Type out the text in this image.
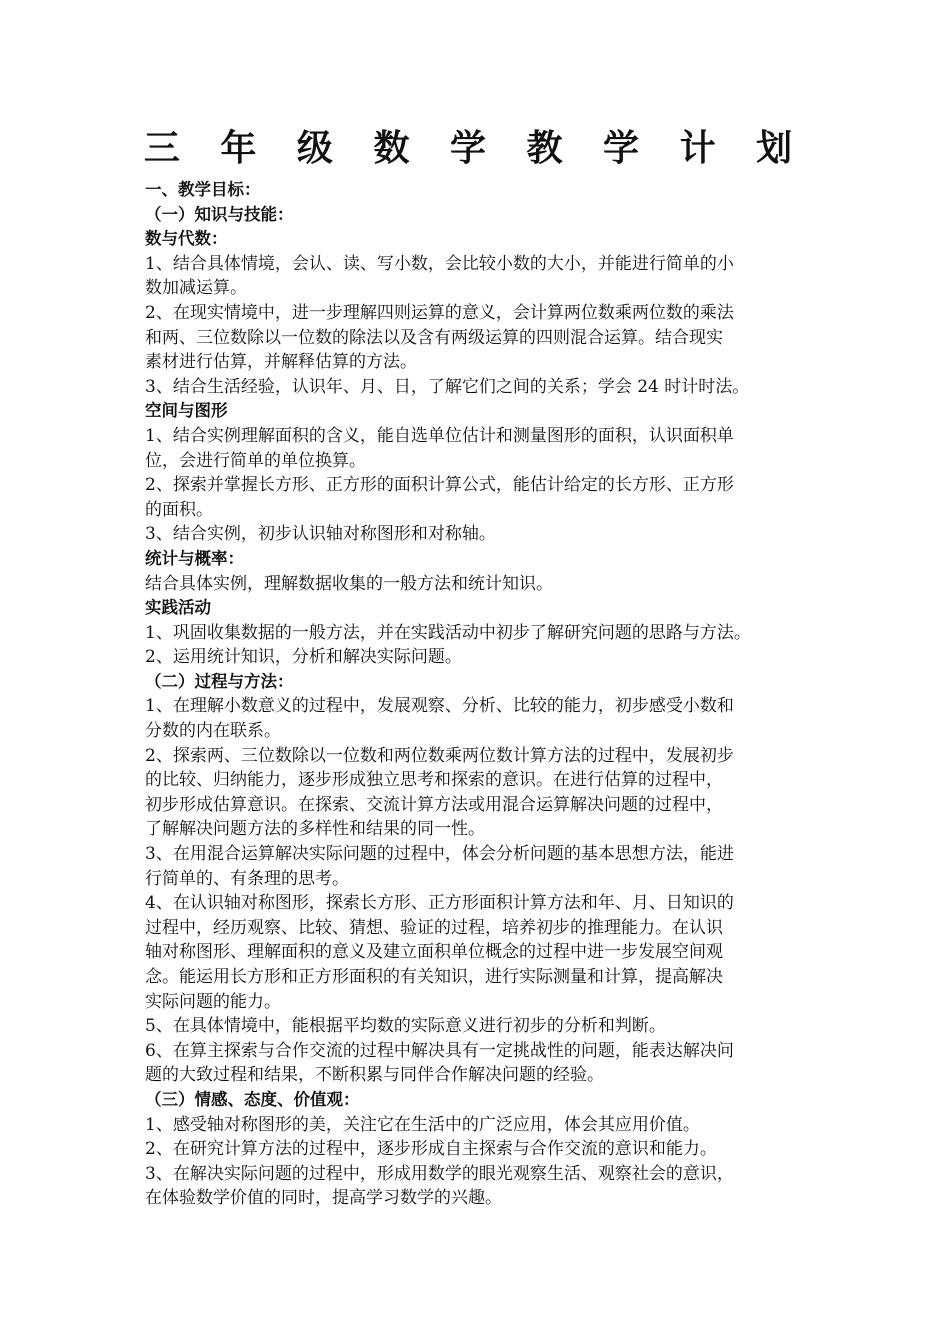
三 年 级 数 学 教 学 计 划
一、教学目标：
（一）知识与技能：
数与代数：
1、结合具体情境，会认、读、写小数，会比较小数的大小，并能进行简单的小
数加减运算。
2、在现实情境中，进一步理解四则运算的意义，会计算两位数乘两位数的乘法
和两、三位数除以一位数的除法以及含有两级运算的四则混合运算。结合现实
素材进行估算，并解释估算的方法。
3、结合生活经验，认识年、月、日，了解它们之间的关系；学会 24 时计时法。
空间与图形
1、结合实例理解面积的含义，能自选单位估计和测量图形的面积，认识面积单
位，会进行简单的单位换算。
2、探索并掌握长方形、正方形的面积计算公式，能估计给定的长方形、正方形
的面积。
3、结合实例，初步认识轴对称图形和对称轴。
统计与概率：
结合具体实例，理解数据收集的一般方法和统计知识。
实践活动
1、巩固收集数据的一般方法，并在实践活动中初步了解研究问题的思路与方法。
2、运用统计知识，分析和解决实际问题。
（二）过程与方法：
1、在理解小数意义的过程中，发展观察、分析、比较的能力，初步感受小数和
分数的内在联系。
2、探索两、三位数除以一位数和两位数乘两位数计算方法的过程中，发展初步
的比较、归纳能力，逐步形成独立思考和探索的意识。在进行估算的过程中，
初步形成估算意识。在探索、交流计算方法或用混合运算解决问题的过程中，
了解解决问题方法的多样性和结果的同一性。
3、在用混合运算解决实际问题的过程中，体会分析问题的基本思想方法，能进
行简单的、有条理的思考。
4、在认识轴对称图形，探索长方形、正方形面积计算方法和年、月、日知识的
过程中，经历观察、比较、猜想、验证的过程，培养初步的推理能力。在认识
轴对称图形、理解面积的意义及建立面积单位概念的过程中进一步发展空间观
念。能运用长方形和正方形面积的有关知识，进行实际测量和计算，提高解决
实际问题的能力。
5、在具体情境中，能根据平均数的实际意义进行初步的分析和判断。
6、在算主探索与合作交流的过程中解决具有一定挑战性的问题，能表达解决问
题的大致过程和结果，不断积累与同伴合作解决问题的经验。
（三）情感、态度、价值观：
1、感受轴对称图形的美，关注它在生活中的广泛应用，体会其应用价值。
2、在研究计算方法的过程中，逐步形成自主探索与合作交流的意识和能力。
3、在解决实际问题的过程中，形成用数学的眼光观察生活、观察社会的意识，
在体验数学价值的同时，提高学习数学的兴趣。
